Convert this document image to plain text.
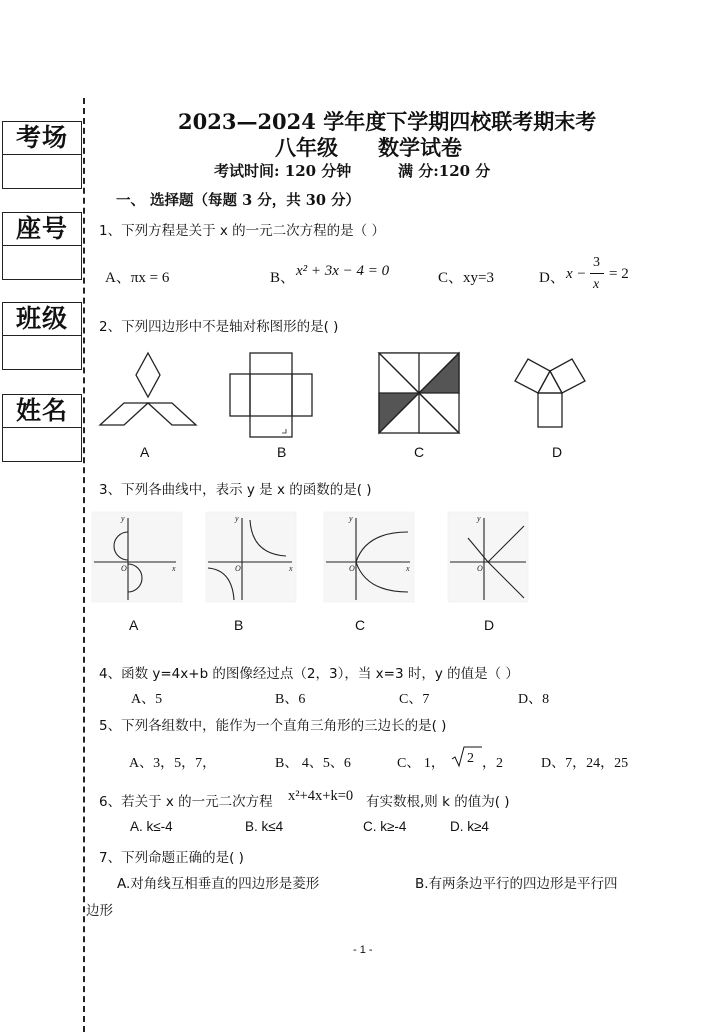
考场
座号
班级
姓名
2023—2024 学年度下学期四校联考期末考
八年级 数学试卷
考试时间: 120 分钟	满 分:120 分
一、 选择题（每题 3 分，共 30 分）
1、下列方程是关于 x 的一元二次方程的是（ ）
A、πx = 6	B、 x² + 3x − 4 = 0	C、xy=3	D、 x −
3
x
= 2
2、下列四边形中不是轴对称图形的是( )
A	B	C	D
3、下列各曲线中，表示 y 是 x 的函数的是( )
y
O	x
y
O	x
y
O	x
y
O
A	B	C	D
4、函数 y=4x+b 的图像经过点（2，3），当 x=3 时，y 的值是（ ）
A、5	B、6	C、7	D、8
5、下列各组数中，能作为一个直角三角形的三边长的是( )
A、3，5，7，	B、 4、5、6	C、 1， 2 ，2	D、7，24，25
6、若关于 x 的一元二次方程 x²+4x+k=0 有实数根,则 k 的值为( )
A. k≤-4	B. k≤4	C. k≥-4	D. k≥4
7、下列命题正确的是( )
A.对角线互相垂直的四边形是菱形	B.有两条边平行的四边形是平行四
边形
- 1 -
